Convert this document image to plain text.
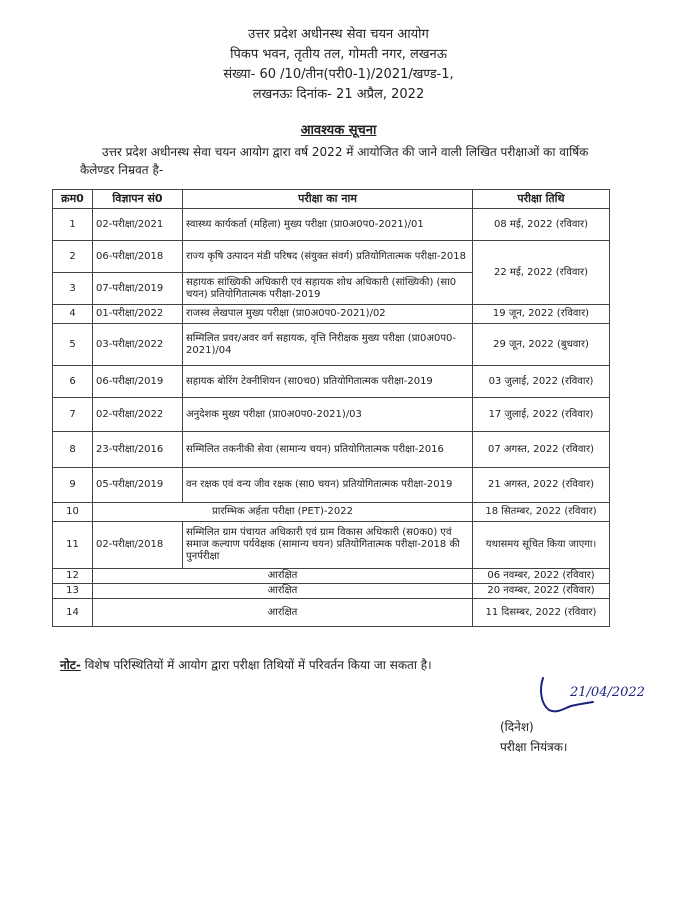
उत्तर प्रदेश अधीनस्थ सेवा चयन आयोग
पिकप भवन, तृतीय तल, गोमती नगर, लखनऊ
संख्या- 60 /10/तीन(परी0-1)/2021/खण्ड-1,
लखनऊः दिनांक- 21 अप्रैल, 2022
आवश्यक सूचना
उत्तर प्रदेश अधीनस्थ सेवा चयन आयोग द्वारा वर्ष 2022 में आयोजित की जाने वाली लिखित परीक्षाओं का वार्षिक कैलेण्डर निम्रवत है-
क्रम0	विज्ञापन सं0	परीक्षा का नाम	परीक्षा तिथि
1	02-परीक्षा/2021	स्वास्थ्य कार्यकर्ता (महिला) मुख्य परीक्षा (प्रा0अ0प0-2021)/01	08 मई, 2022 (रविवार)
2	06-परीक्षा/2018	राज्य कृषि उत्पादन मंडी परिषद (संयुक्त संवर्ग) प्रतियोगितात्मक परीक्षा-2018	22 मई, 2022 (रविवार)
3	07-परीक्षा/2019	सहायक सांख्यिकी अधिकारी एवं सहायक शोध अधिकारी (सांख्यिकी) (सा0 चयन) प्रतियोगितात्मक परीक्षा-2019	
4	01-परीक्षा/2022	राजस्व लेखपाल मुख्य परीक्षा (प्रा0अ0प0-2021)/02	19 जून, 2022 (रविवार)
5	03-परीक्षा/2022	सम्मिलित प्रवर/अवर वर्ग सहायक, वृत्ति निरीक्षक मुख्य परीक्षा (प्रा0अ0प0-2021)/04	29 जून, 2022 (बुधवार)
6	06-परीक्षा/2019	सहायक बोरिंग टेक्नीशियन (सा0च0) प्रतियोगितात्मक परीक्षा-2019	03 जुलाई, 2022 (रविवार)
7	02-परीक्षा/2022	अनुदेशक मुख्य परीक्षा (प्रा0अ0प0-2021)/03	17 जुलाई, 2022 (रविवार)
8	23-परीक्षा/2016	सम्मिलित तकनीकी सेवा (सामान्य चयन) प्रतियोगितात्मक परीक्षा-2016	07 अगस्त, 2022 (रविवार)
9	05-परीक्षा/2019	वन रक्षक एवं वन्य जीव रक्षक (सा0 चयन) प्रतियोगितात्मक परीक्षा-2019	21 अगस्त, 2022 (रविवार)
10	प्रारम्भिक अर्हता परीक्षा (PET)-2022		18 सितम्बर, 2022 (रविवार)
11	02-परीक्षा/2018	सम्मिलित ग्राम पंचायत अधिकारी एवं ग्राम विकास अधिकारी (स0क0) एवं समाज कल्याण पर्यवेक्षक (सामान्य चयन) प्रतियोगितात्मक परीक्षा-2018 की पुनर्परीक्षा	यथासमय सूचित किया जाएगा।
12	आरक्षित		06 नवम्बर, 2022 (रविवार)
13	आरक्षित		20 नवम्बर, 2022 (रविवार)
14	आरक्षित		11 दिसम्बर, 2022 (रविवार)
नोट- विशेष परिस्थितियों में आयोग द्वारा परीक्षा तिथियों में परिवर्तन किया जा सकता है।
21/04/2022
(दिनेश)
परीक्षा नियंत्रक।
